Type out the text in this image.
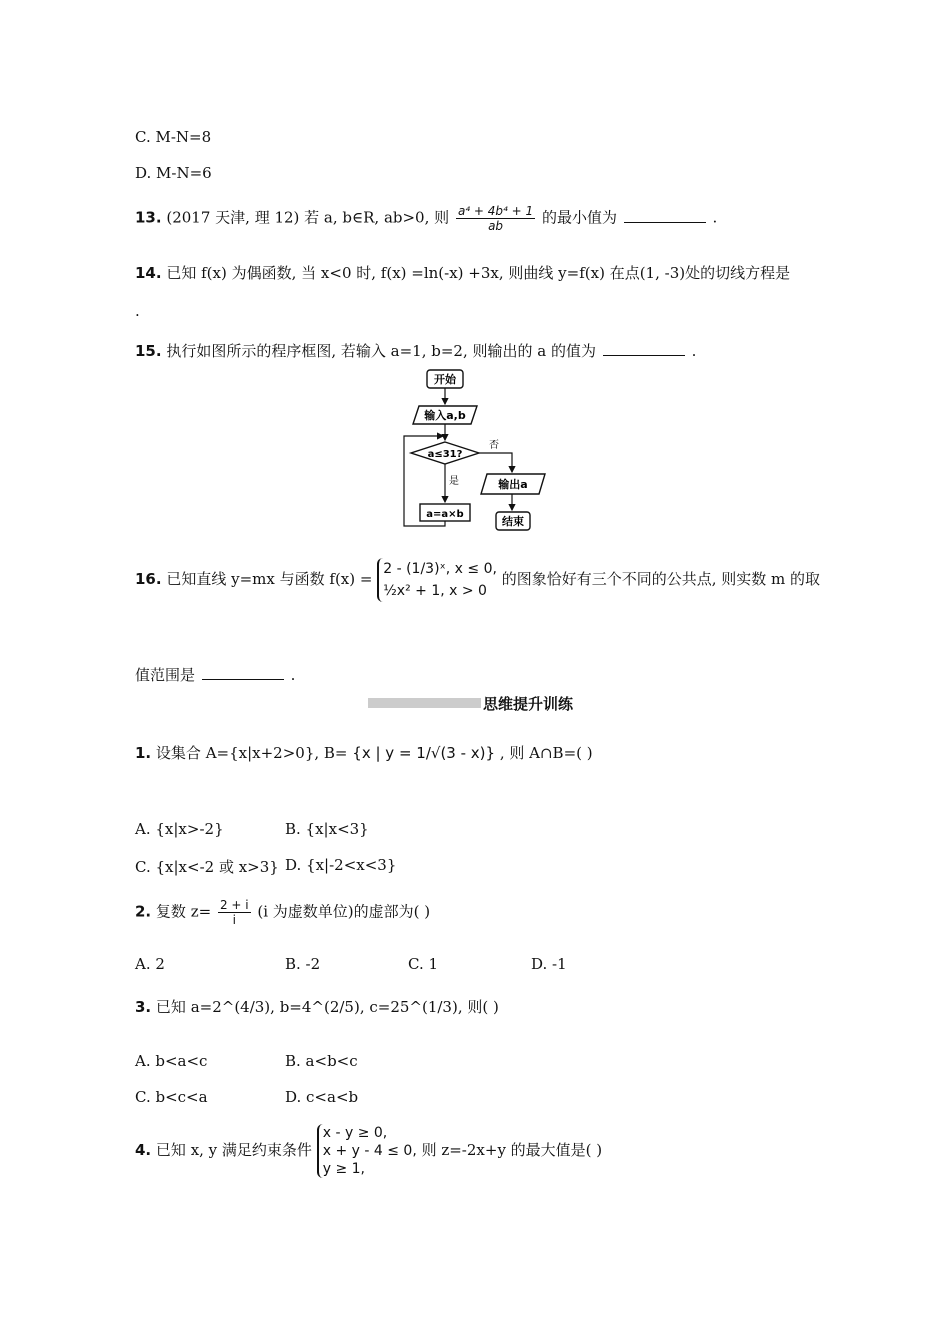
C. M-N=8
D. M-N=6
13. (2017 天津, 理 12) 若 a, b∈R, ab>0, 则 $\frac{\text{a⁴ + 4b⁴ + 1}}{ab}$ 的最小值为	.
14. 已知 f(x) 为偶函数, 当 x<0 时, f(x) =ln(-x) +3x, 则曲线 y=f(x) 在点(1, -3)处的切线方程是
.
15. 执行如图所示的程序框图, 若输入 a=1, b=2, 则输出的 a 的值为	.
开始
输入a,b
a≤31?
否
是
a=a×b
输出a
结束
16. 已知直线 y=mx 与函数 f(x) =
2 - (1/3)ˣ, x ≤ 0,
½x² + 1, x > 0
的图象恰好有三个不同的公共点, 则实数 m 的取
值范围是	.
思维提升训练
1. 设集合 A={x|x+2>0}, B= {x | y = 1/√(3 - x)} , 则 A∩B=( )
A. {x|x>-2}	B. {x|x<3}
C. {x|x<-2 或 x>3} D. {x|-2<x<3}
2. 复数 $z= \frac{2 + i}{i} (i$ 为虚数单位)的虚部为( )
A. 2	B. -2	C. 1	D. -1
3. 已知 a=2^(4/3), b=4^(2/5), c=25^(1/3), 则( )
A. b<a<c	B. a<b<c
C. b<c<a	D. c<a<b
4. 已知 x, y 满足约束条件
x - y ≥ 0,
x + y - 4 ≤ 0,
y ≥ 1,
则 z=-2x+y 的最大值是( )
